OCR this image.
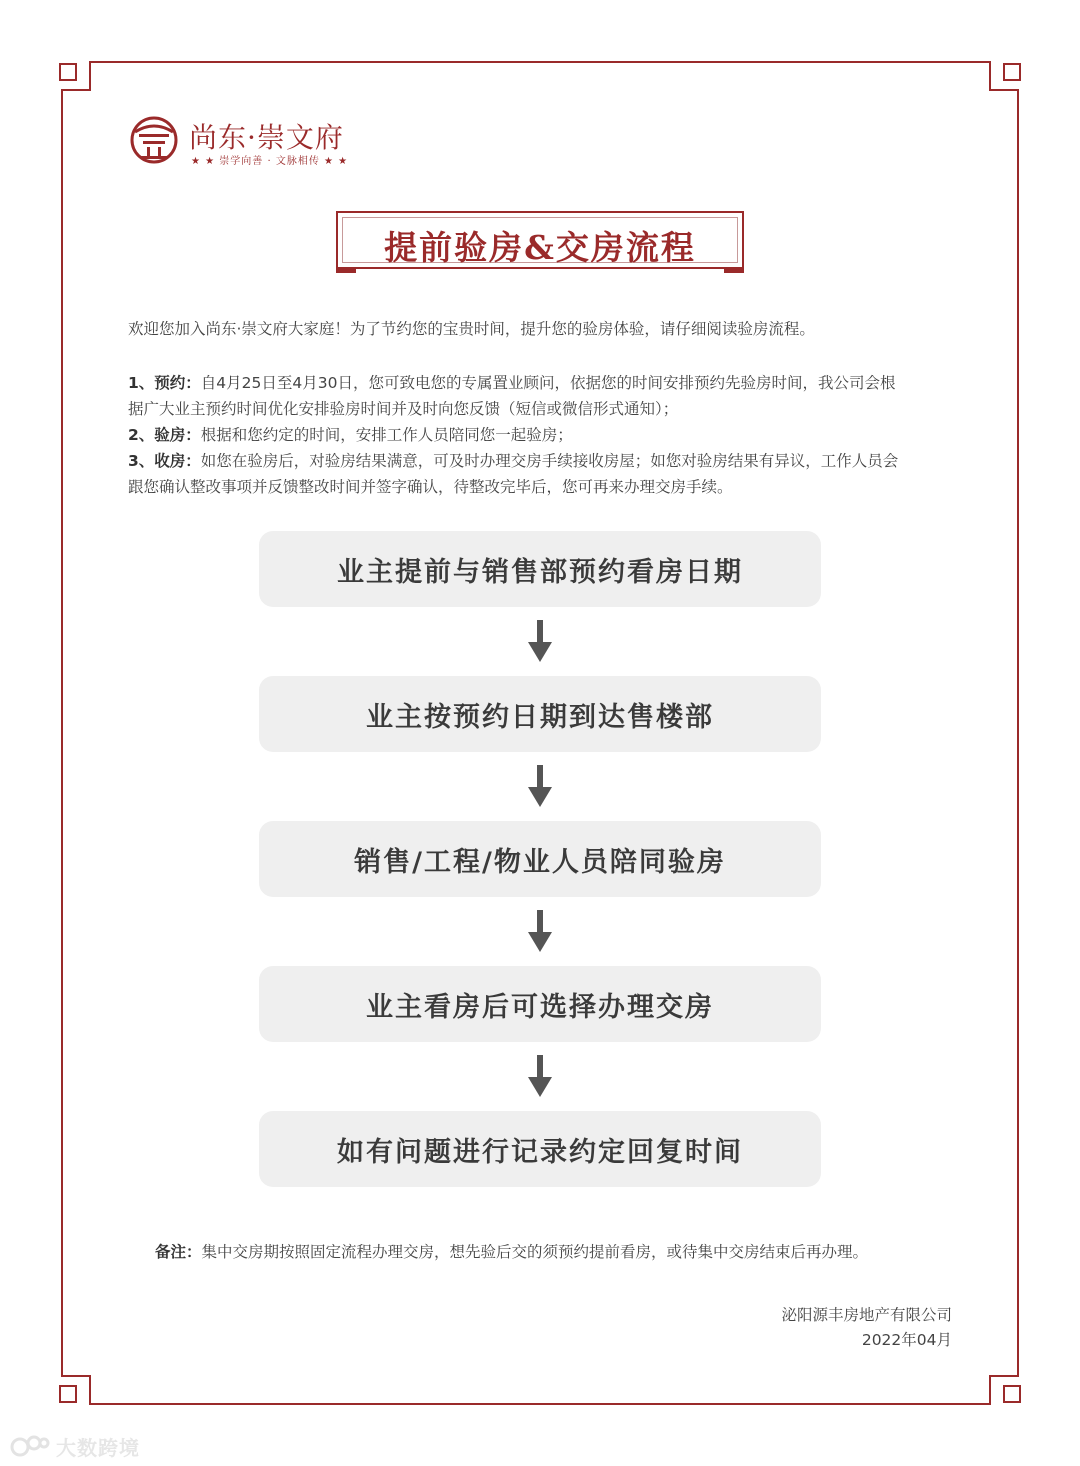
尚东·崇文府
★ ★ 崇学向善 · 文脉相传 ★ ★
提前验房&交房流程
欢迎您加入尚东·崇文府大家庭！为了节约您的宝贵时间，提升您的验房体验，请仔细阅读验房流程。

1、预约：自4月25日至4月30日，您可致电您的专属置业顾问，依据您的时间安排预约先验房时间，我公司会根

据广大业主预约时间优化安排验房时间并及时向您反馈（短信或微信形式通知）；

2、验房：根据和您约定的时间，安排工作人员陪同您一起验房；

3、收房：如您在验房后，对验房结果满意，可及时办理交房手续接收房屋；如您对验房结果有异议，工作人员会

跟您确认整改事项并反馈整改时间并签字确认，待整改完毕后，您可再来办理交房手续。

业主提前与销售部预约看房日期
业主按预约日期到达售楼部
销售/工程/物业人员陪同验房
业主看房后可选择办理交房
如有问题进行记录约定回复时间
备注：集中交房期按照固定流程办理交房，想先验后交的须预约提前看房，或待集中交房结束后再办理。
泌阳源丰房地产有限公司
2022年04月
大数跨境
